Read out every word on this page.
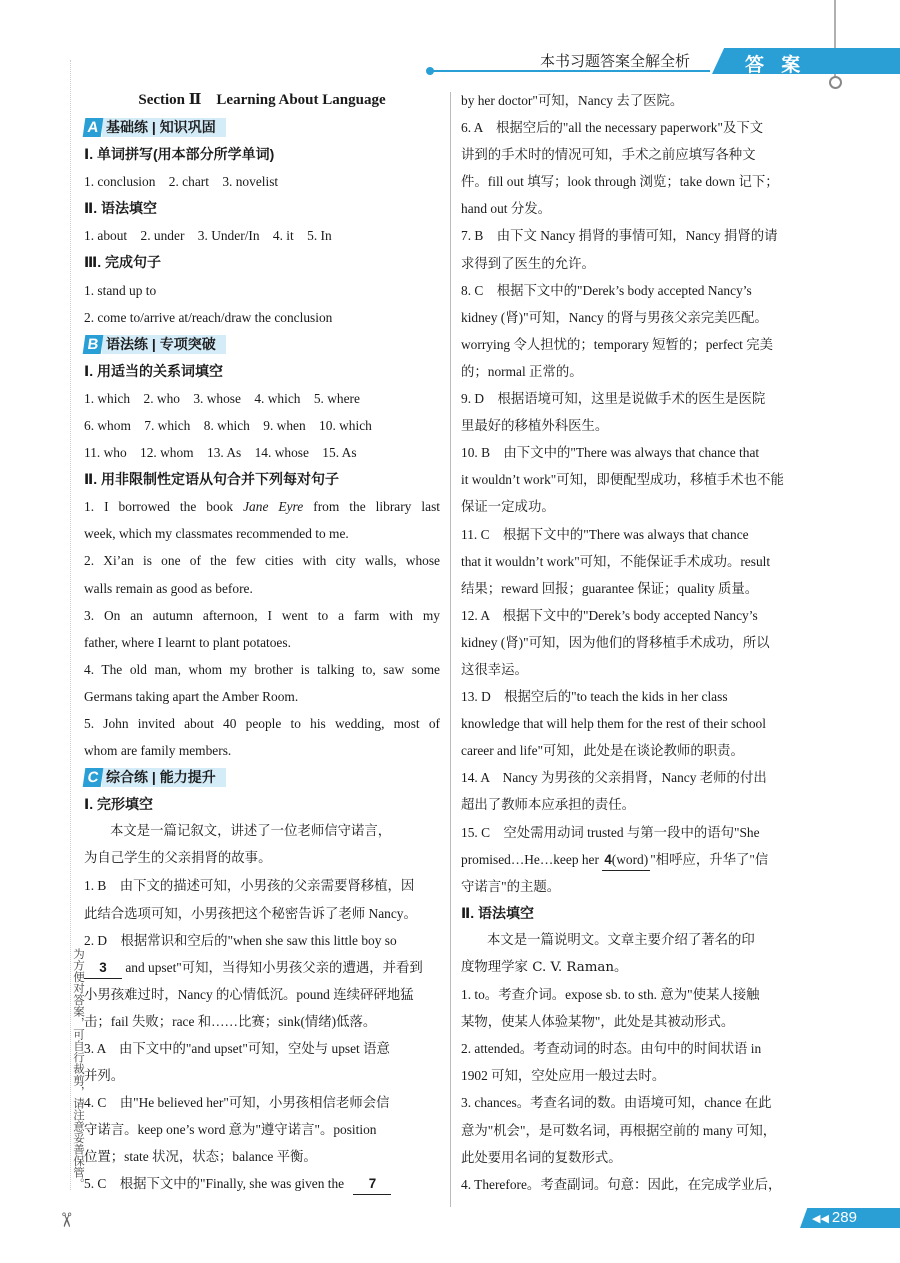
本书习题答案全解全析	答 案
为方便对答案，可自行裁剪，请注意妥善保管。
✂
Section Ⅱ　Learning About Language
A 基础练 | 知识巩固
Ⅰ. 单词拼写(用本部分所学单词)
1. conclusion　2. chart　3. novelist
Ⅱ. 语法填空
1. about　2. under　3. Under/In　4. it　5. In
Ⅲ. 完成句子
1. stand up to
2. come to/arrive at/reach/draw the conclusion
B 语法练 | 专项突破
Ⅰ. 用适当的关系词填空
1. which　2. who　3. whose　4. which　5. where
6. whom　7. which　8. which　9. when　10. which
11. who　12. whom　13. As　14. whose　15. As
Ⅱ. 用非限制性定语从句合并下列每对句子
1. I borrowed the book Jane Eyre from the library last
week, which my classmates recommended to me.
2. Xi’an is one of the few cities with city walls, whose
walls remain as good as before.
3. On an autumn afternoon, I went to a farm with my
father, where I learnt to plant potatoes.
4. The old man, whom my brother is talking to, saw some
Germans taking apart the Amber Room.
5. John invited about 40 people to his wedding, most of
whom are family members.
C 综合练 | 能力提升
Ⅰ. 完形填空
本文是一篇记叙文，讲述了一位老师信守诺言，
为自己学生的父亲捐肾的故事。
1. B　由下文的描述可知，小男孩的父亲需要肾移植，因
此结合选项可知，小男孩把这个秘密告诉了老师 Nancy。
2. D　根据常识和空后的"when she saw this little boy so
3 and upset"可知，当得知小男孩父亲的遭遇，并看到
小男孩难过时，Nancy 的心情低沉。pound 连续砰砰地猛
击；fail 失败；race 和……比赛；sink(情绪)低落。
3. A　由下文中的"and upset"可知，空处与 upset 语意
并列。
4. C　由"He believed her"可知，小男孩相信老师会信
守诺言。keep one’s word 意为"遵守诺言"。position
位置；state 状况，状态；balance 平衡。
5. C　根据下文中的"Finally, she was given the 7
by her doctor"可知，Nancy 去了医院。
6. A　根据空后的"all the necessary paperwork"及下文
讲到的手术时的情况可知，手术之前应填写各种文
件。fill out 填写；look through 浏览；take down 记下；
hand out 分发。
7. B　由下文 Nancy 捐肾的事情可知，Nancy 捐肾的请
求得到了医生的允许。
8. C　根据下文中的"Derek’s body accepted Nancy’s
kidney (肾)"可知，Nancy 的肾与男孩父亲完美匹配。
worrying 令人担忧的；temporary 短暂的；perfect 完美
的；normal 正常的。
9. D　根据语境可知，这里是说做手术的医生是医院
里最好的移植外科医生。
10. B　由下文中的"There was always that chance that
it wouldn’t work"可知，即便配型成功，移植手术也不能
保证一定成功。
11. C　根据下文中的"There was always that chance
that it wouldn’t work"可知，不能保证手术成功。result
结果；reward 回报；guarantee 保证；quality 质量。
12. A　根据下文中的"Derek’s body accepted Nancy’s
kidney (肾)"可知，因为他们的肾移植手术成功，所以
这很幸运。
13. D　根据空后的"to teach the kids in her class
knowledge that will help them for the rest of their school
career and life"可知，此处是在谈论教师的职责。
14. A　Nancy 为男孩的父亲捐肾，Nancy 老师的付出
超出了教师本应承担的责任。
15. C　空处需用动词 trusted 与第一段中的语句"She
promised…He…keep her 4(word) "相呼应，升华了"信
守诺言"的主题。
Ⅱ. 语法填空
本文是一篇说明文。文章主要介绍了著名的印
度物理学家 C. V. Raman。
1. to。考查介词。expose sb. to sth. 意为"使某人接触
某物，使某人体验某物"，此处是其被动形式。
2. attended。考查动词的时态。由句中的时间状语 in
1902 可知，空处应用一般过去时。
3. chances。考查名词的数。由语境可知，chance 在此
意为"机会"，是可数名词，再根据空前的 many 可知，
此处要用名词的复数形式。
4. Therefore。考查副词。句意：因此，在完成学业后，
◀◀ 289
